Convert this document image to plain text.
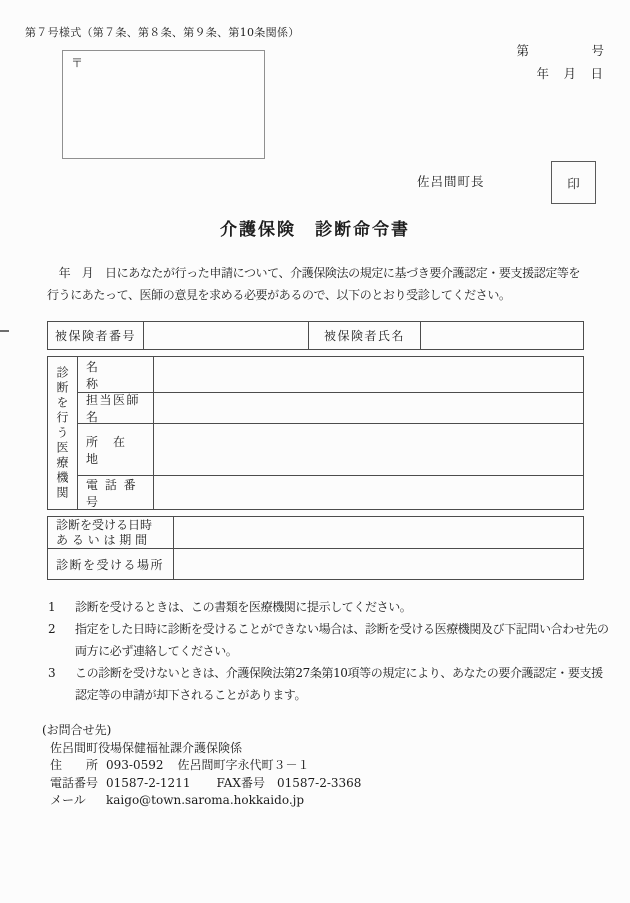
第７号様式（第７条、第８条、第９条、第10条関係）
第　　　　　号
年　月　日
〒
佐呂間町長	印
介護保険　診断命令書
　年　月　日にあなたが行った申請について、介護保険法の規定に基づき要介護認定・要支援認定等を
行うにあたって、医師の意見を求める必要があるので、以下のとおり受診してください。
被保険者番号	被保険者氏名
診断を行う医療機関	名　　　称
担当医師名
所　在　地
電 話 番 号
診断を受ける日時
あ る い は 期 間
診断を受ける場所
1	診断を受けるときは、この書類を医療機関に提示してください。
2	指定をした日時に診断を受けることができない場合は、診断を受ける医療機関及び下記問い合わせ先の
両方に必ず連絡してください。
3	この診断を受けないときは、介護保険法第27条第10項等の規定により、あなたの要介護認定・要支援
認定等の申請が却下されることがあります。
(お問合せ先)
佐呂間町役場保健福祉課介護保険係
住　　所 093-0592 佐呂間町字永代町３－１
電話番号 01587-2-1211 FAX番号 01587-2-3368
メール kaigo@town.saroma.hokkaido.jp
